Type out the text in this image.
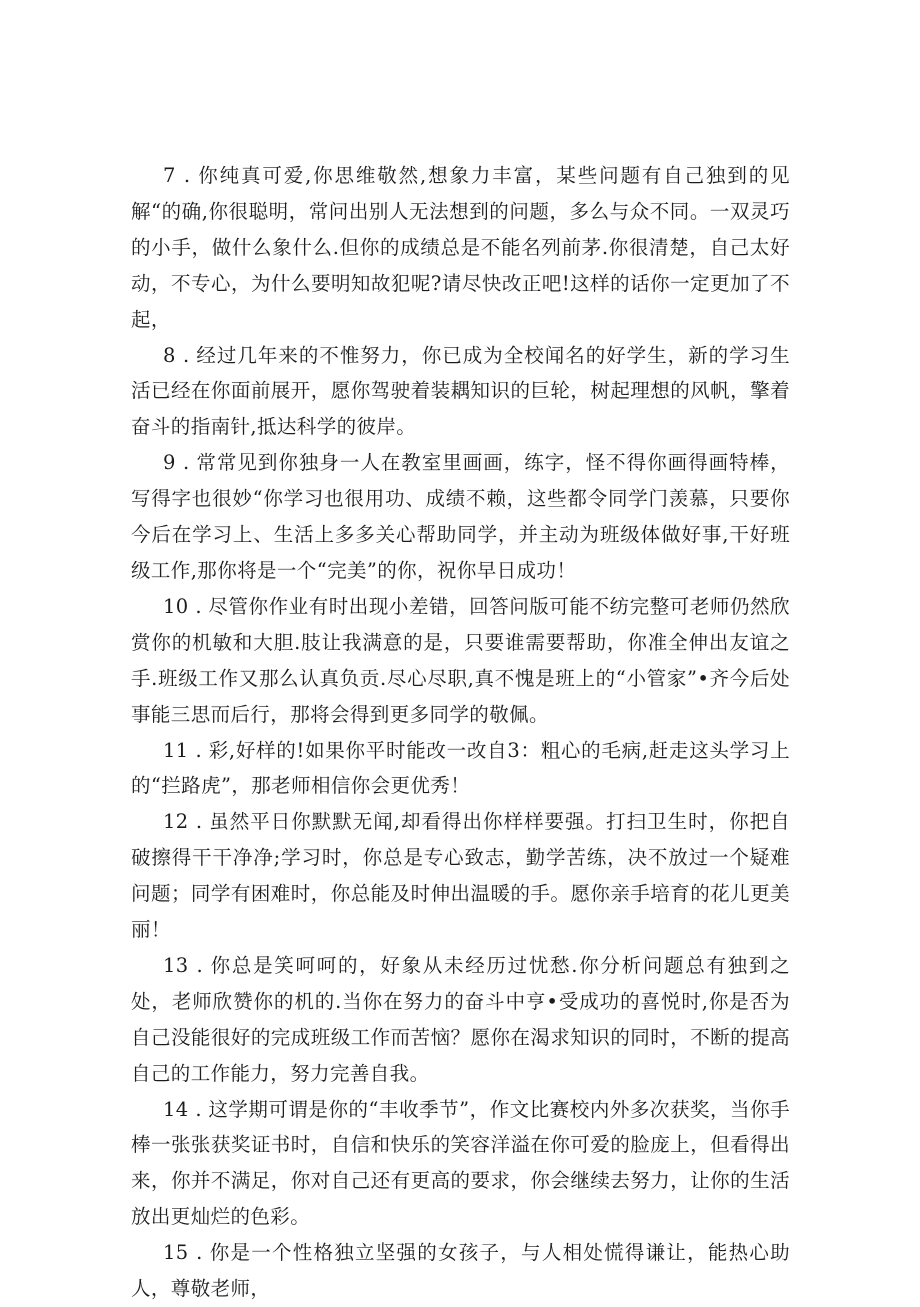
7 . 你纯真可爱,你思维敬然,想象力丰富，某些问题有自己独到的见解“的确,你很聪明，常问出别人无法想到的问题，多么与众不同。一双灵巧的小手，做什么象什么.但你的成绩总是不能名列前茅.你很清楚，自己太好动，不专心，为什么要明知故犯呢?请尽快改正吧!这样的话你一定更加了不起，

8 . 经过几年来的不惟努力，你已成为全校闻名的好学生，新的学习生活已经在你面前展开，愿你驾驶着装耦知识的巨轮，树起理想的风帆，擎着奋斗的指南针,抵达科学的彼岸。

9 . 常常见到你独身一人在教室里画画，练字，怪不得你画得画特棒，写得字也很妙“你学习也很用功、成绩不赖，这些都令同学门羡慕，只要你今后在学习上、生活上多多关心帮助同学，并主动为班级体做好事,干好班级工作,那你将是一个“完美”的你，祝你早日成功！

10 . 尽管你作业有时出现小差错，回答问版可能不纺完整可老师仍然欣赏你的机敏和大胆.肢让我满意的是，只要谁需要帮助，你准全伸出友谊之手.班级工作又那么认真负贡.尽心尽职,真不愧是班上的“小管家”•齐今后处事能三思而后行，那将会得到更多同学的敬佩。

11 . 彩,好样的!如果你平时能改一改自3：粗心的毛病,赶走这头学习上的“拦路虎”，那老师相信你会更优秀！

12 . 虽然平日你默默无闻,却看得出你样样要强。打扫卫生时，你把自破擦得干干净净;学习时，你总是专心致志，勤学苦练，决不放过一个疑难问题；同学有困难时，你总能及时伸出温暖的手。愿你亲手培育的花儿更美丽！

13 . 你总是笑呵呵的，好象从未经历过忧愁.你分析问题总有独到之处，老师欣赞你的机的.当你在努力的奋斗中亨•受成功的喜悦时,你是否为自己没能很好的完成班级工作而苦恼？愿你在渴求知识的同时，不断的提高自己的工作能力，努力完善自我。

14 . 这学期可谓是你的“丰收季节”，作文比赛校内外多次获奖，当你手棒一张张获奖证书时，自信和快乐的笑容洋溢在你可爱的脸庞上，但看得出来，你并不满足，你对自己还有更高的要求，你会继续去努力，让你的生活放出更灿烂的色彩。

15 . 你是一个性格独立坚强的女孩子，与人相处慌得谦让，能热心助人，尊敬老师，
